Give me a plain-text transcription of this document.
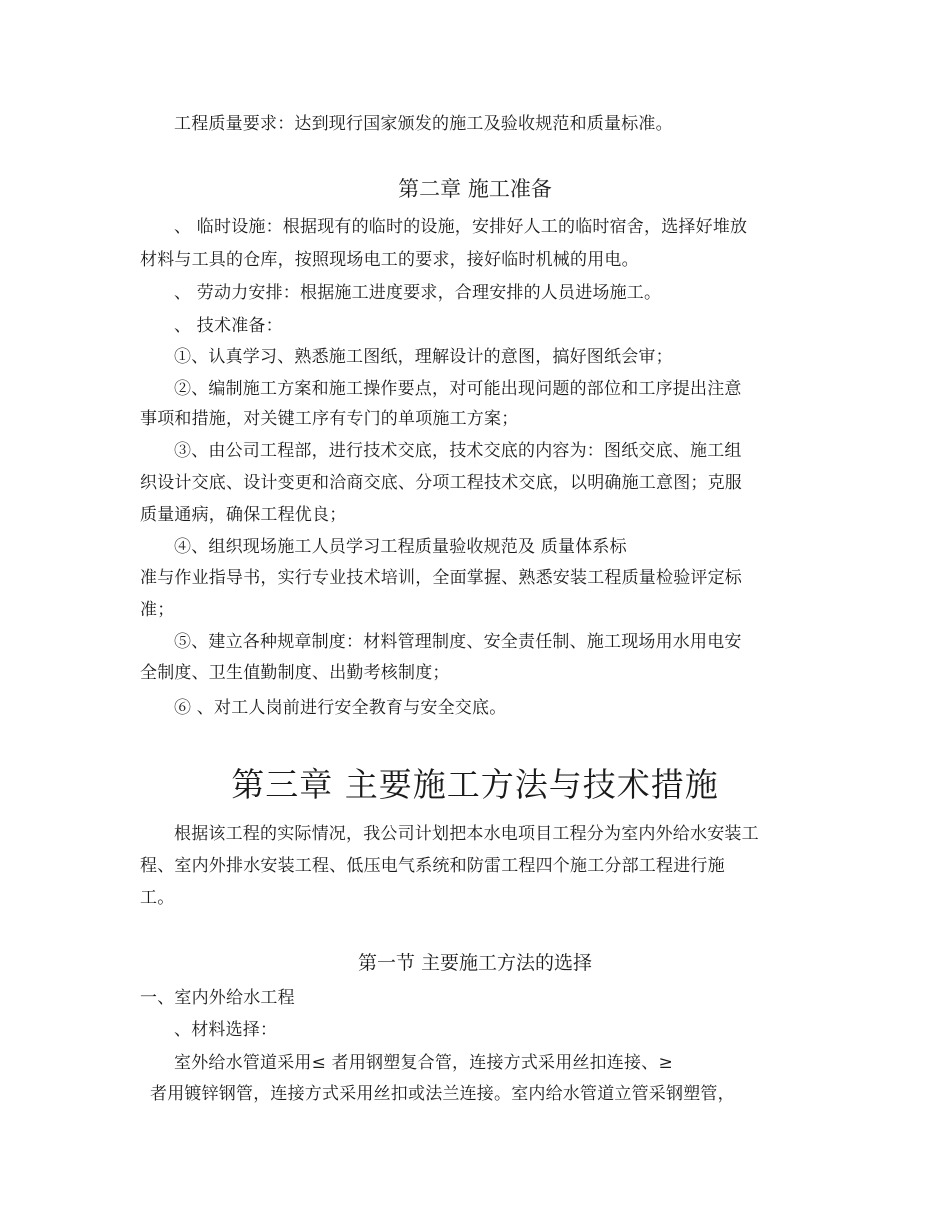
工程质量要求：达到现行国家颁发的施工及验收规范和质量标准。
第二章 施工准备
、 临时设施：根据现有的临时的设施，安排好人工的临时宿舍，选择好堆放
材料与工具的仓库，按照现场电工的要求，接好临时机械的用电。
、 劳动力安排：根据施工进度要求，合理安排的人员进场施工。
、 技术准备：
①、认真学习、熟悉施工图纸，理解设计的意图，搞好图纸会审；
②、编制施工方案和施工操作要点，对可能出现问题的部位和工序提出注意
事项和措施，对关键工序有专门的单项施工方案；
③、由公司工程部，进行技术交底，技术交底的内容为：图纸交底、施工组
织设计交底、设计变更和洽商交底、分项工程技术交底，以明确施工意图；克服
质量通病，确保工程优良；
④、组织现场施工人员学习工程质量验收规范及 质量体系标
准与作业指导书，实行专业技术培训，全面掌握、熟悉安装工程质量检验评定标
准；
⑤、建立各种规章制度：材料管理制度、安全责任制、施工现场用水用电安
全制度、卫生值勤制度、出勤考核制度；
⑥ 、对工人岗前进行安全教育与安全交底。
第三章 主要施工方法与技术措施
根据该工程的实际情况，我公司计划把本水电项目工程分为室内外给水安装工
程、室内外排水安装工程、低压电气系统和防雷工程四个施工分部工程进行施
工。
第一节 主要施工方法的选择
一、室内外给水工程
、材料选择：
室外给水管道采用≤ 者用钢塑复合管，连接方式采用丝扣连接、≥
者用镀锌钢管，连接方式采用丝扣或法兰连接。室内给水管道立管采钢塑管，
